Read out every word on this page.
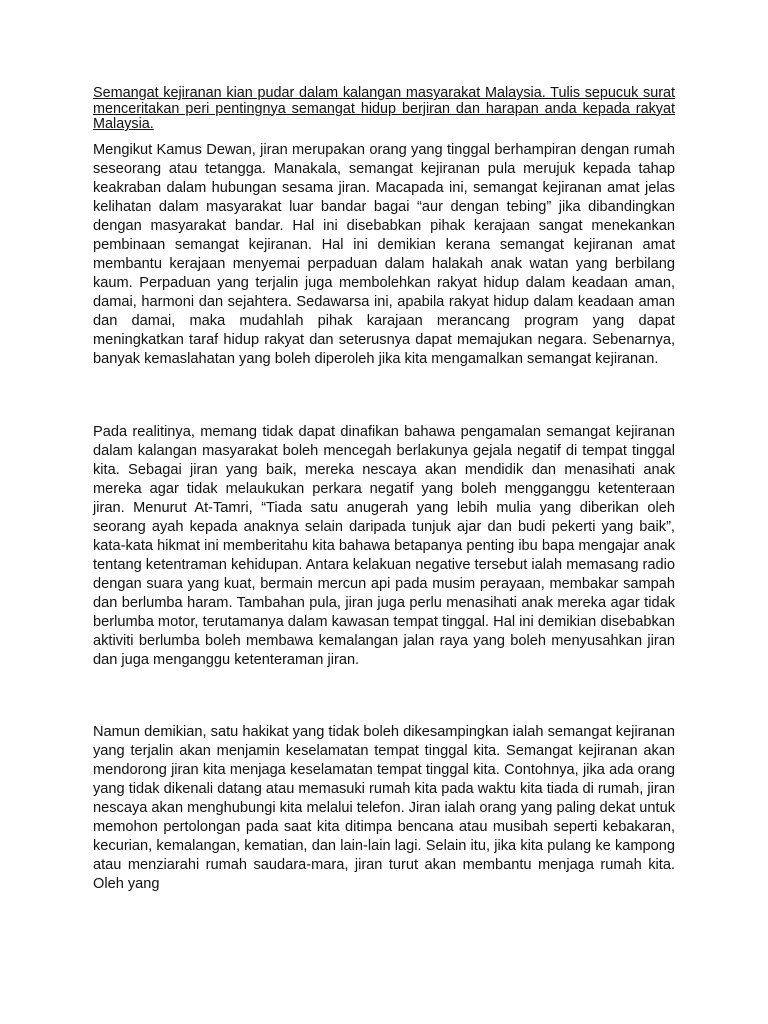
Semangat kejiranan kian pudar dalam kalangan masyarakat Malaysia. Tulis sepucuk surat menceritakan peri pentingnya semangat hidup berjiran dan harapan anda kepada rakyat Malaysia.

Mengikut Kamus Dewan, jiran merupakan orang yang tinggal berhampiran dengan rumah seseorang atau tetangga. Manakala, semangat kejiranan pula merujuk kepada tahap keakraban dalam hubungan sesama jiran. Macapada ini, semangat kejiranan amat jelas kelihatan dalam masyarakat luar bandar bagai “aur dengan tebing” jika dibandingkan dengan masyarakat bandar. Hal ini disebabkan pihak kerajaan sangat menekankan pembinaan semangat kejiranan. Hal ini demikian kerana semangat kejiranan amat membantu kerajaan menyemai perpaduan dalam halakah anak watan yang berbilang kaum. Perpaduan yang terjalin juga membolehkan rakyat hidup dalam keadaan aman, damai, harmoni dan sejahtera. Sedawarsa ini, apabila rakyat hidup dalam keadaan aman dan damai, maka mudahlah pihak karajaan merancang program yang dapat meningkatkan taraf hidup rakyat dan seterusnya dapat memajukan negara. Sebenarnya, banyak kemaslahatan yang boleh diperoleh jika kita mengamalkan semangat kejiranan.

Pada realitinya, memang tidak dapat dinafikan bahawa pengamalan semangat kejiranan dalam kalangan masyarakat boleh mencegah berlakunya gejala negatif di tempat tinggal kita. Sebagai jiran yang baik, mereka nescaya akan mendidik dan menasihati anak mereka agar tidak melaukukan perkara negatif yang boleh mengganggu ketenteraan jiran. Menurut At-Tamri, “Tiada satu anugerah yang lebih mulia yang diberikan oleh seorang ayah kepada anaknya selain daripada tunjuk ajar dan budi pekerti yang baik”, kata-kata hikmat ini memberitahu kita bahawa betapanya penting ibu bapa mengajar anak tentang ketentraman kehidupan. Antara kelakuan negative tersebut ialah memasang radio dengan suara yang kuat, bermain mercun api pada musim perayaan, membakar sampah dan berlumba haram. Tambahan pula, jiran juga perlu menasihati anak mereka agar tidak berlumba motor, terutamanya dalam kawasan tempat tinggal. Hal ini demikian disebabkan aktiviti berlumba boleh membawa kemalangan jalan raya yang boleh menyusahkan jiran dan juga menganggu ketenteraman jiran.

Namun demikian, satu hakikat yang tidak boleh dikesampingkan ialah semangat kejiranan yang terjalin akan menjamin keselamatan tempat tinggal kita. Semangat kejiranan akan mendorong jiran kita menjaga keselamatan tempat tinggal kita. Contohnya, jika ada orang yang tidak dikenali datang atau memasuki rumah kita pada waktu kita tiada di rumah, jiran nescaya akan menghubungi kita melalui telefon. Jiran ialah orang yang paling dekat untuk memohon pertolongan pada saat kita ditimpa bencana atau musibah seperti kebakaran, kecurian, kemalangan, kematian, dan lain-lain lagi. Selain itu, jika kita pulang ke kampong atau menziarahi rumah saudara-mara, jiran turut akan membantu menjaga rumah kita. Oleh yang
